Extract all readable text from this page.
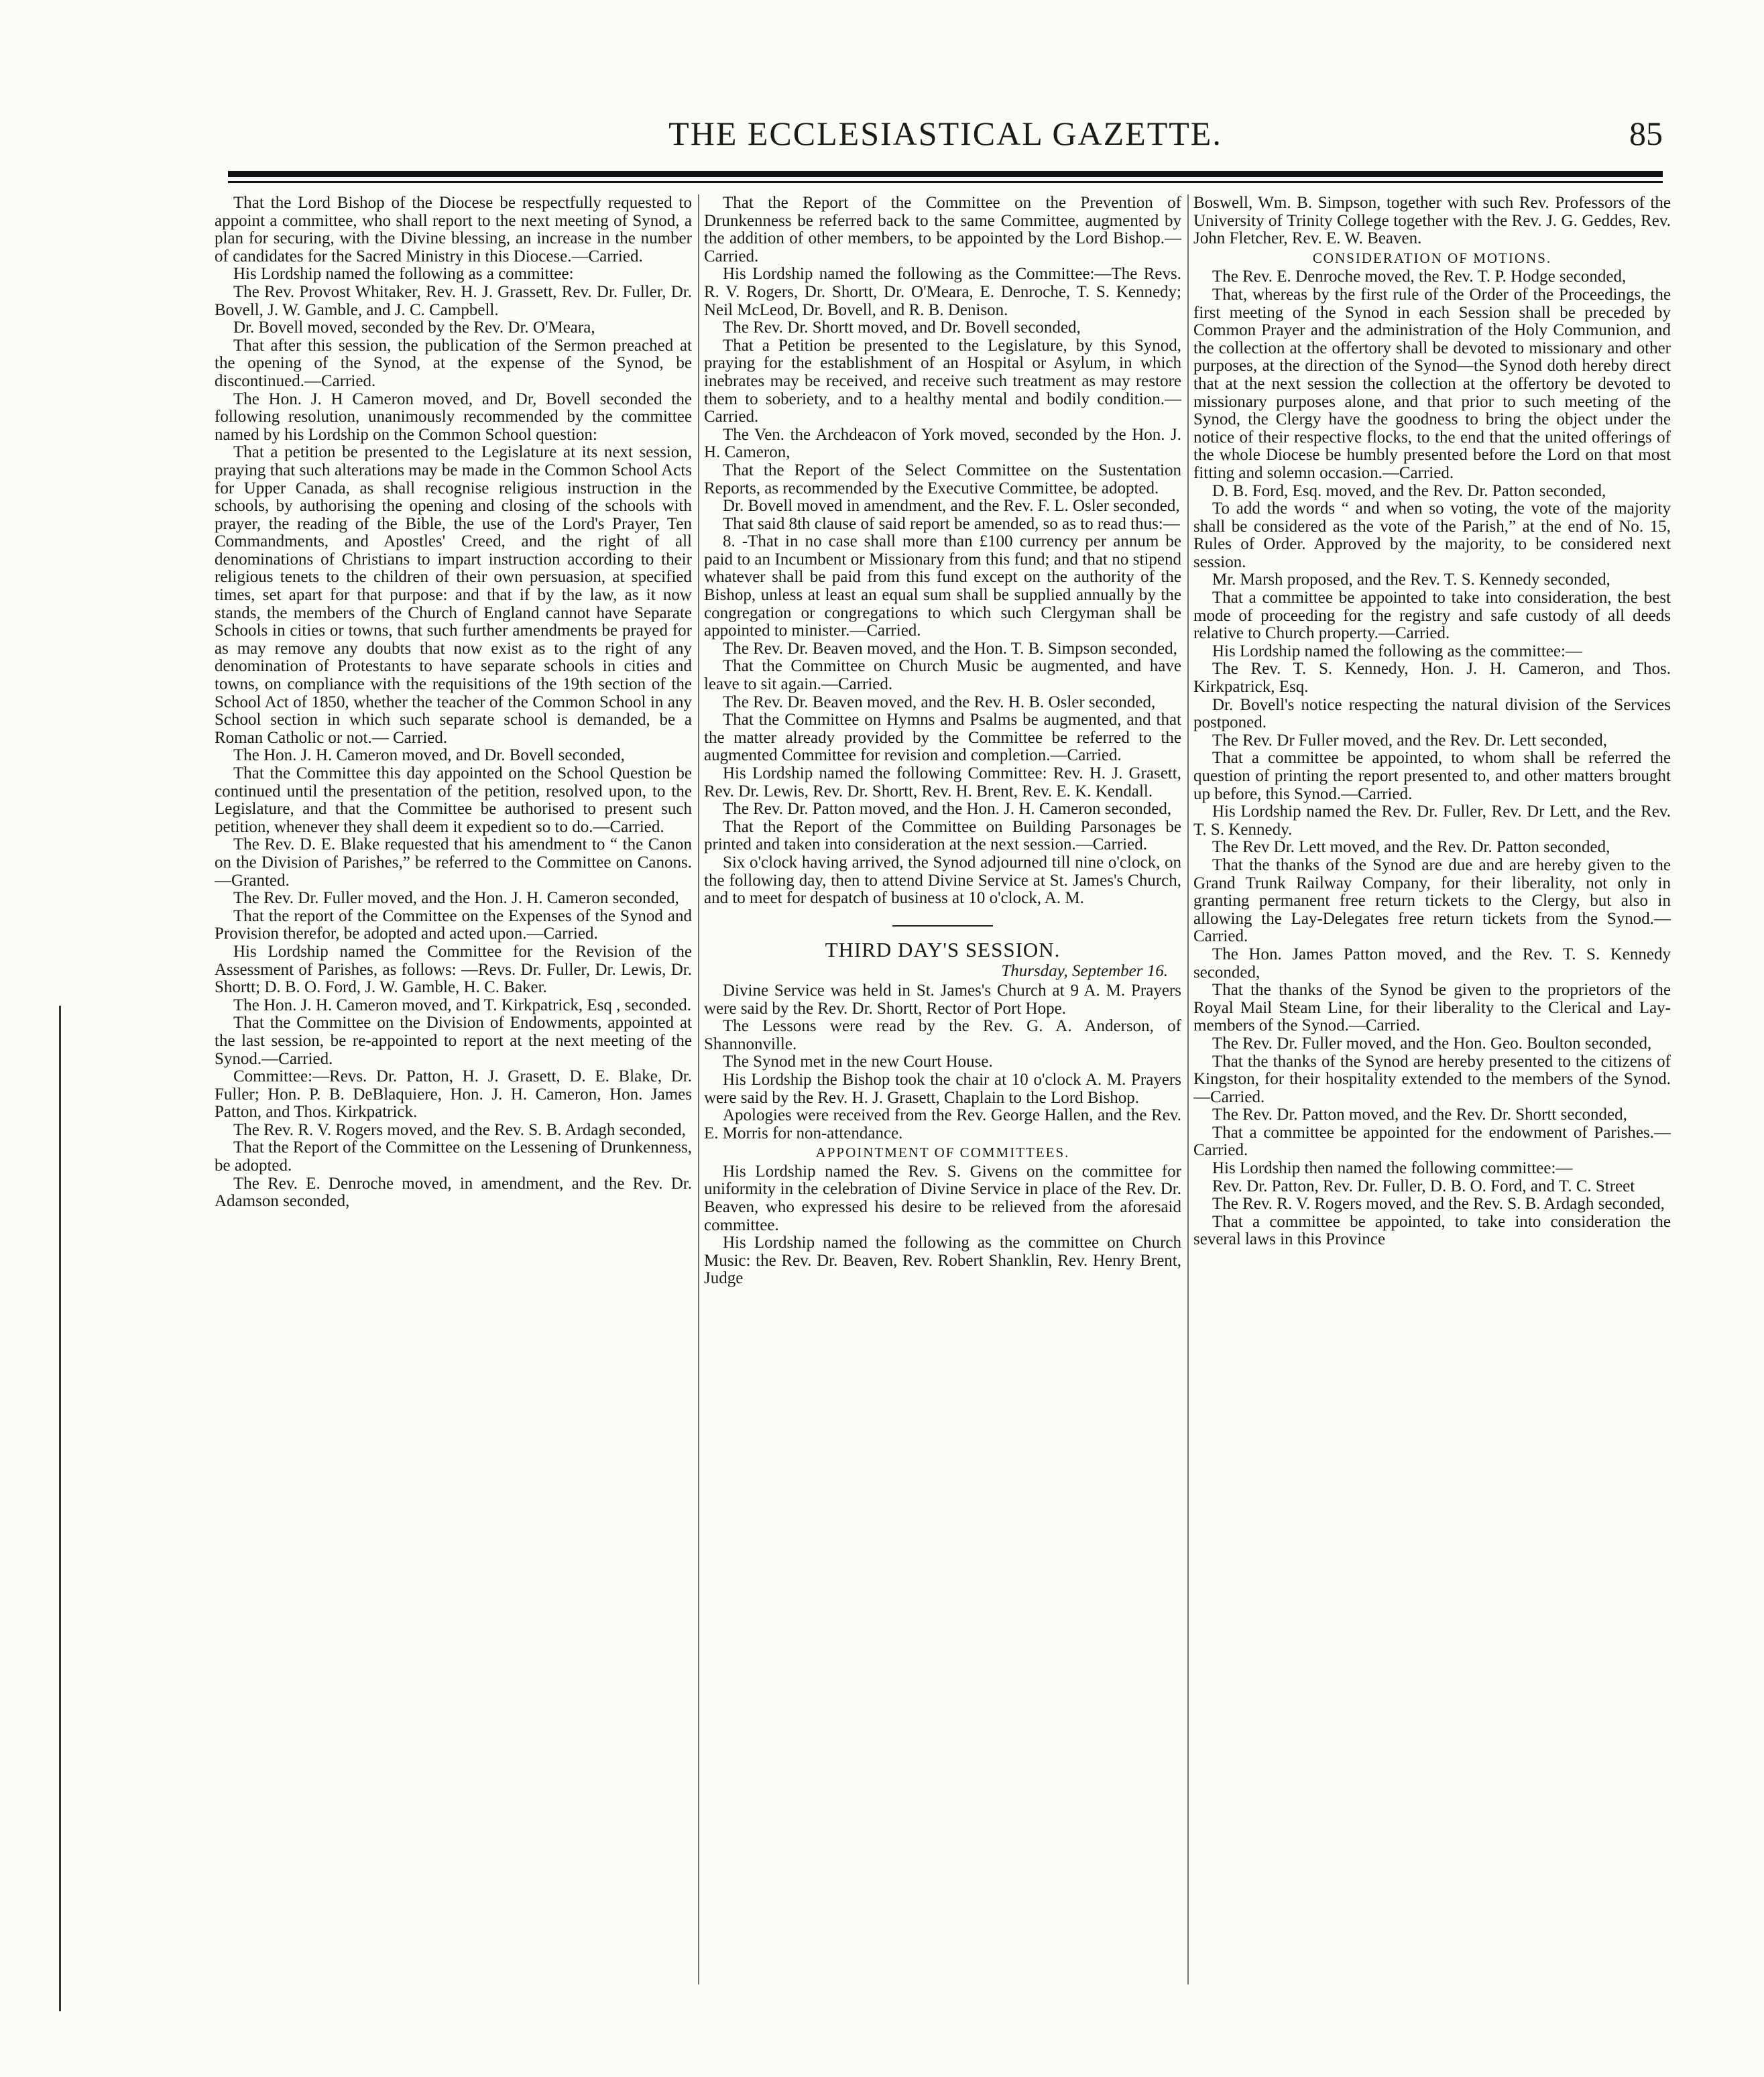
THE ECCLESIASTICAL GAZETTE.	85

That the Lord Bishop of the Diocese be respectfully requested to appoint a committee, who shall report to the next meeting of Synod, a plan for securing, with the Divine blessing, an increase in the number of candidates for the Sacred Ministry in this Diocese.—Carried.

His Lordship named the following as a committee:

The Rev. Provost Whitaker, Rev. H. J. Grassett, Rev. Dr. Fuller, Dr. Bovell, J. W. Gamble, and J. C. Campbell.

Dr. Bovell moved, seconded by the Rev. Dr. O'Meara,

That after this session, the publication of the Sermon preached at the opening of the Synod, at the expense of the Synod, be discontinued.—Carried.

The Hon. J. H Cameron moved, and Dr, Bovell seconded the following resolution, unanimously recommended by the committee named by his Lordship on the Common School question:

That a petition be presented to the Legislature at its next session, praying that such alterations may be made in the Common School Acts for Upper Canada, as shall recognise religious instruction in the schools, by authorising the opening and closing of the schools with prayer, the reading of the Bible, the use of the Lord's Prayer, Ten Commandments, and Apostles' Creed, and the right of all denominations of Christians to impart instruction according to their religious tenets to the children of their own persuasion, at specified times, set apart for that purpose: and that if by the law, as it now stands, the members of the Church of England cannot have Separate Schools in cities or towns, that such further amendments be prayed for as may remove any doubts that now exist as to the right of any denomination of Protestants to have separate schools in cities and towns, on compliance with the requisitions of the 19th section of the School Act of 1850, whether the teacher of the Common School in any School section in which such separate school is demanded, be a Roman Catholic or not.— Carried.

The Hon. J. H. Cameron moved, and Dr. Bovell seconded,

That the Committee this day appointed on the School Question be continued until the presentation of the petition, resolved upon, to the Legislature, and that the Committee be authorised to present such petition, whenever they shall deem it expedient so to do.—Carried.

The Rev. D. E. Blake requested that his amendment to “ the Canon on the Division of Parishes,” be referred to the Committee on Canons. —Granted.

The Rev. Dr. Fuller moved, and the Hon. J. H. Cameron seconded,

That the report of the Committee on the Expenses of the Synod and Provision therefor, be adopted and acted upon.—Carried.

His Lordship named the Committee for the Revision of the Assessment of Parishes, as follows: —Revs. Dr. Fuller, Dr. Lewis, Dr. Shortt; D. B. O. Ford, J. W. Gamble, H. C. Baker.

The Hon. J. H. Cameron moved, and T. Kirkpatrick, Esq , seconded.

That the Committee on the Division of Endowments, appointed at the last session, be re-appointed to report at the next meeting of the Synod.—Carried.

Committee:—Revs. Dr. Patton, H. J. Grasett, D. E. Blake, Dr. Fuller; Hon. P. B. DeBlaquiere, Hon. J. H. Cameron, Hon. James Patton, and Thos. Kirkpatrick.

The Rev. R. V. Rogers moved, and the Rev. S. B. Ardagh seconded,

That the Report of the Committee on the Lessening of Drunkenness, be adopted.

The Rev. E. Denroche moved, in amendment, and the Rev. Dr. Adamson seconded,

That the Report of the Committee on the Prevention of Drunkenness be referred back to the same Committee, augmented by the addition of other members, to be appointed by the Lord Bishop.—Carried.

His Lordship named the following as the Committee:—The Revs. R. V. Rogers, Dr. Shortt, Dr. O'Meara, E. Denroche, T. S. Kennedy; Neil McLeod, Dr. Bovell, and R. B. Denison.

The Rev. Dr. Shortt moved, and Dr. Bovell seconded,

That a Petition be presented to the Legislature, by this Synod, praying for the establishment of an Hospital or Asylum, in which inebrates may be received, and receive such treatment as may restore them to soberiety, and to a healthy mental and bodily condition.—Carried.

The Ven. the Archdeacon of York moved, seconded by the Hon. J. H. Cameron,

That the Report of the Select Committee on the Sustentation Reports, as recommended by the Executive Committee, be adopted.

Dr. Bovell moved in amendment, and the Rev. F. L. Osler seconded,

That said 8th clause of said report be amended, so as to read thus:—

8. -That in no case shall more than £100 currency per annum be paid to an Incumbent or Missionary from this fund; and that no stipend whatever shall be paid from this fund except on the authority of the Bishop, unless at least an equal sum shall be supplied annually by the congregation or congregations to which such Clergyman shall be appointed to minister.—Carried.

The Rev. Dr. Beaven moved, and the Hon. T. B. Simpson seconded,

That the Committee on Church Music be augmented, and have leave to sit again.—Carried.

The Rev. Dr. Beaven moved, and the Rev. H. B. Osler seconded,

That the Committee on Hymns and Psalms be augmented, and that the matter already provided by the Committee be referred to the augmented Committee for revision and completion.—Carried.

His Lordship named the following Committee: Rev. H. J. Grasett, Rev. Dr. Lewis, Rev. Dr. Shortt, Rev. H. Brent, Rev. E. K. Kendall.

The Rev. Dr. Patton moved, and the Hon. J. H. Cameron seconded,

That the Report of the Committee on Building Parsonages be printed and taken into consideration at the next session.—Carried.

Six o'clock having arrived, the Synod adjourned till nine o'clock, on the following day, then to attend Divine Service at St. James's Church, and to meet for despatch of business at 10 o'clock, A. M.

THIRD DAY'S SESSION.
Thursday, September 16.

Divine Service was held in St. James's Church at 9 A. M. Prayers were said by the Rev. Dr. Shortt, Rector of Port Hope.

The Lessons were read by the Rev. G. A. Anderson, of Shannonville.

The Synod met in the new Court House.

His Lordship the Bishop took the chair at 10 o'clock A. M. Prayers were said by the Rev. H. J. Grasett, Chaplain to the Lord Bishop.

Apologies were received from the Rev. George Hallen, and the Rev. E. Morris for non-attendance.

APPOINTMENT OF COMMITTEES.

His Lordship named the Rev. S. Givens on the committee for uniformity in the celebration of Divine Service in place of the Rev. Dr. Beaven, who expressed his desire to be relieved from the aforesaid committee.

His Lordship named the following as the committee on Church Music: the Rev. Dr. Beaven, Rev. Robert Shanklin, Rev. Henry Brent, Judge

Boswell, Wm. B. Simpson, together with such Rev. Professors of the University of Trinity College together with the Rev. J. G. Geddes, Rev. John Fletcher, Rev. E. W. Beaven.

CONSIDERATION OF MOTIONS.

The Rev. E. Denroche moved, the Rev. T. P. Hodge seconded,

That, whereas by the first rule of the Order of the Proceedings, the first meeting of the Synod in each Session shall be preceded by Common Prayer and the administration of the Holy Communion, and the collection at the offertory shall be devoted to missionary and other purposes, at the direction of the Synod—the Synod doth hereby direct that at the next session the collection at the offertory be devoted to missionary purposes alone, and that prior to such meeting of the Synod, the Clergy have the goodness to bring the object under the notice of their respective flocks, to the end that the united offerings of the whole Diocese be humbly presented before the Lord on that most fitting and solemn occasion.—Carried.

D. B. Ford, Esq. moved, and the Rev. Dr. Patton seconded,

To add the words “ and when so voting, the vote of the majority shall be considered as the vote of the Parish,” at the end of No. 15, Rules of Order. Approved by the majority, to be considered next session.

Mr. Marsh proposed, and the Rev. T. S. Kennedy seconded,

That a committee be appointed to take into consideration, the best mode of proceeding for the registry and safe custody of all deeds relative to Church property.—Carried.

His Lordship named the following as the committee:—

The Rev. T. S. Kennedy, Hon. J. H. Cameron, and Thos. Kirkpatrick, Esq.

Dr. Bovell's notice respecting the natural division of the Services postponed.

The Rev. Dr Fuller moved, and the Rev. Dr. Lett seconded,

That a committee be appointed, to whom shall be referred the question of printing the report presented to, and other matters brought up before, this Synod.—Carried.

His Lordship named the Rev. Dr. Fuller, Rev. Dr Lett, and the Rev. T. S. Kennedy.

The Rev Dr. Lett moved, and the Rev. Dr. Patton seconded,

That the thanks of the Synod are due and are hereby given to the Grand Trunk Railway Company, for their liberality, not only in granting permanent free return tickets to the Clergy, but also in allowing the Lay-Delegates free return tickets from the Synod.—Carried.

The Hon. James Patton moved, and the Rev. T. S. Kennedy seconded,

That the thanks of the Synod be given to the proprietors of the Royal Mail Steam Line, for their liberality to the Clerical and Lay-members of the Synod.—Carried.

The Rev. Dr. Fuller moved, and the Hon. Geo. Boulton seconded,

That the thanks of the Synod are hereby presented to the citizens of Kingston, for their hospitality extended to the members of the Synod. —Carried.

The Rev. Dr. Patton moved, and the Rev. Dr. Shortt seconded,

That a committee be appointed for the endowment of Parishes.—Carried.

His Lordship then named the following committee:—

Rev. Dr. Patton, Rev. Dr. Fuller, D. B. O. Ford, and T. C. Street

The Rev. R. V. Rogers moved, and the Rev. S. B. Ardagh seconded,

That a committee be appointed, to take into consideration the several laws in this Province
